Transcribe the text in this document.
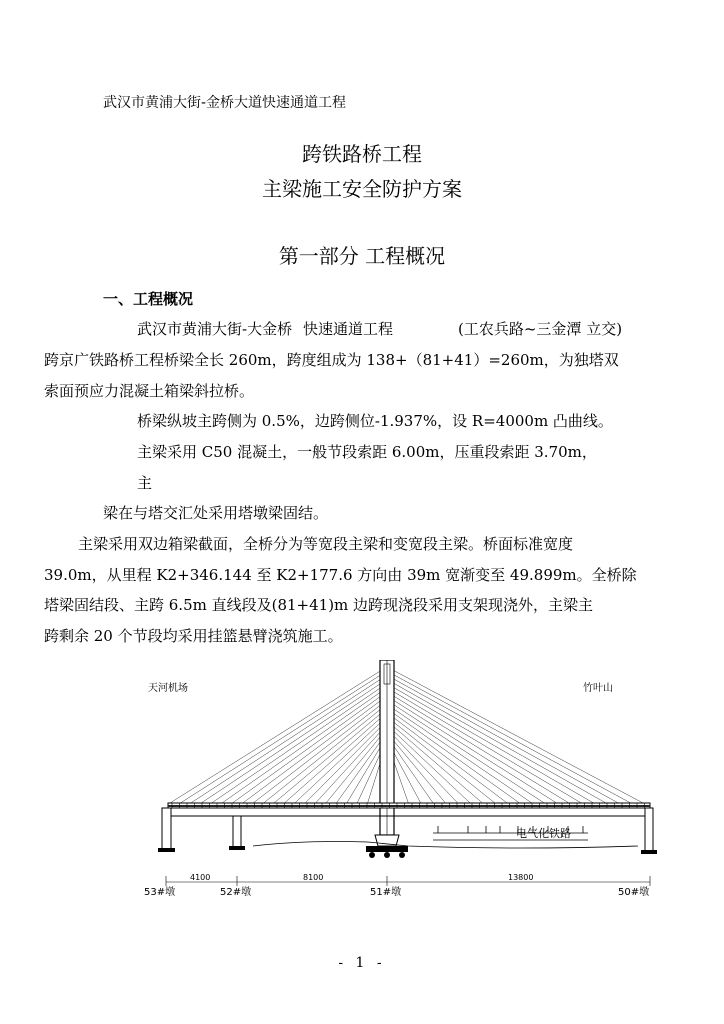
武汉市黄浦大街-金桥大道快速通道工程
跨铁路桥工程
主梁施工安全防护方案
第一部分 工程概况
一、工程概况
武汉市黄浦大街-大金桥 快速通道工程	(工农兵路~三金潭 立交)
跨京广铁路桥工程桥梁全长 260m，跨度组成为 138+（81+41）=260m，为独塔双
索面预应力混凝土箱梁斜拉桥。
桥梁纵坡主跨侧为 0.5%，边跨侧位-1.937%，设 R=4000m 凸曲线。
主梁采用 C50 混凝土，一般节段索距 6.00m，压重段索距 3.70m，
主
梁在与塔交汇处采用塔墩梁固结。
主梁采用双边箱梁截面，全桥分为等宽段主梁和变宽段主梁。桥面标准宽度
39.0m，从里程 K2+346.144 至 K2+177.6 方向由 39m 宽渐变至 49.899m。全桥除
塔梁固结段、主跨 6.5m 直线段及(81+41)m 边跨现浇段采用支架现浇外，主梁主
跨剩余 20 个节段均采用挂篮悬臂浇筑施工。
天河机场	竹叶山
电气化铁路
4100	8100	13800
53#墩	52#墩	51#墩	50#墩
- 1 -
